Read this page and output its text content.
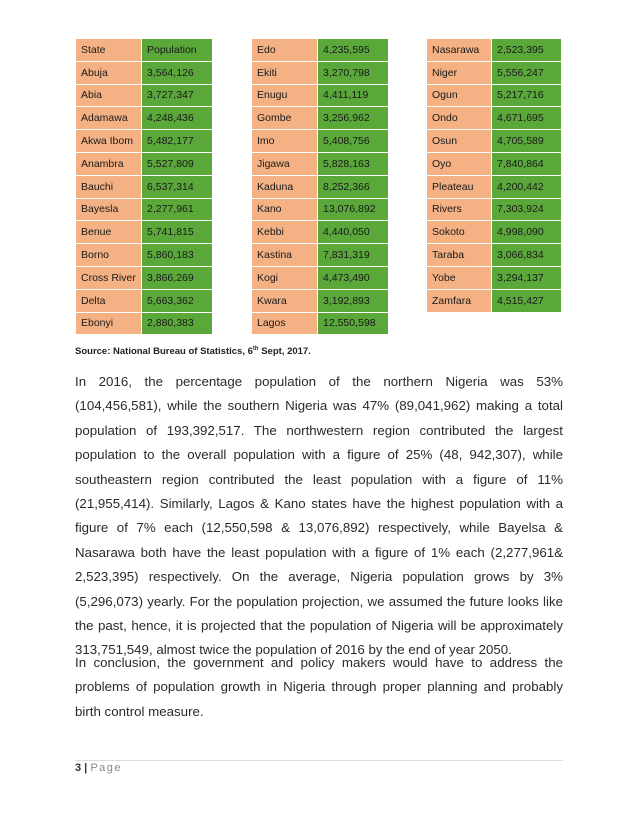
State	Population
Abuja	3,564,126
Abia	3,727,347
Adamawa	4,248,436
Akwa Ibom	5,482,177
Anambra	5,527,809
Bauchi	6,537,314
Bayesla	2,277,961
Benue	5,741,815
Borno	5,860,183
Cross River	3,866,269
Delta	5,663,362
Ebonyi	2,880,383
Edo	4,235,595
Ekiti	3,270,798
Enugu	4,411,119
Gombe	3,256,962
Imo	5,408,756
Jigawa	5,828,163
Kaduna	8,252,366
Kano	13,076,892
Kebbi	4,440,050
Kastina	7,831,319
Kogi	4,473,490
Kwara	3,192,893
Lagos	12,550,598
Nasarawa	2,523,395
Niger	5,556,247
Ogun	5,217,716
Ondo	4,671,695
Osun	4,705,589
Oyo	7,840,864
Pleateau	4,200,442
Rivers	7,303,924
Sokoto	4,998,090
Taraba	3,066,834
Yobe	3,294,137
Zamfara	4,515,427
Source: National Bureau of Statistics, 6th Sept, 2017.

In 2016, the percentage population of the northern Nigeria was 53% (104,456,581), while the southern Nigeria was 47% (89,041,962) making a total population of 193,392,517. The northwestern region contributed the largest population to the overall population with a figure of 25% (48, 942,307), while southeastern region contributed the least population with a figure of 11% (21,955,414). Similarly, Lagos & Kano states have the highest population with a figure of 7% each (12,550,598 & 13,076,892) respectively, while Bayelsa & Nasarawa both have the least population with a figure of 1% each (2,277,961& 2,523,395) respectively. On the average, Nigeria population grows by 3% (5,296,073) yearly. For the population projection, we assumed the future looks like the past, hence, it is projected that the population of Nigeria will be approximately 313,751,549, almost twice the population of 2016 by the end of year 2050.

In conclusion, the government and policy makers would have to address the problems of population growth in Nigeria through proper planning and probably birth control measure.

3 | Page
